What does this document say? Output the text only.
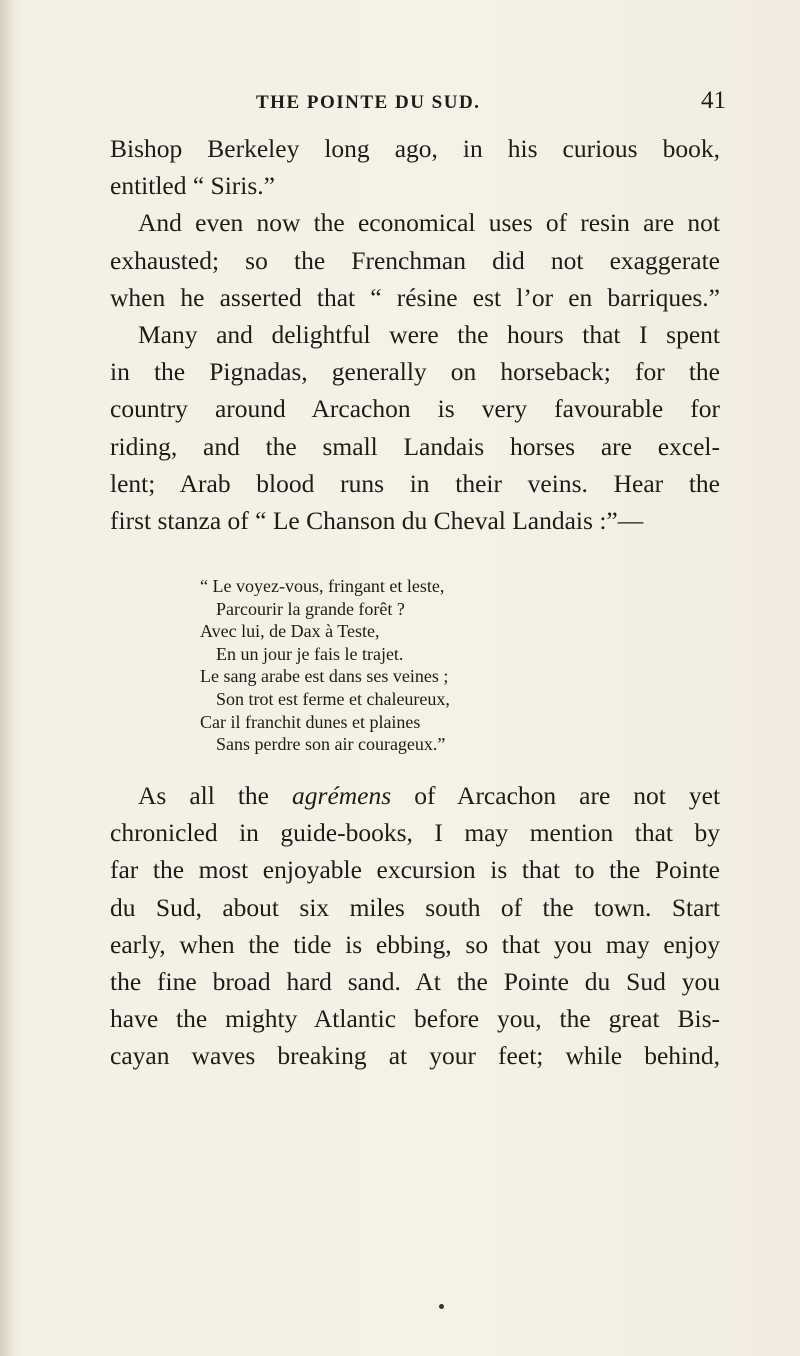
THE POINTE DU SUD.	41
Bishop Berkeley long ago, in his curious book,
entitled “ Siris.”
And even now the economical uses of resin are not
exhausted; so the Frenchman did not exaggerate
when he asserted that “ résine est l’or en barriques.”
Many and delightful were the hours that I spent
in the Pignadas, generally on horseback; for the
country around Arcachon is very favourable for
riding, and the small Landais horses are excel-
lent; Arab blood runs in their veins. Hear the
first stanza of “ Le Chanson du Cheval Landais :”—
“ Le voyez-vous, fringant et leste,
Parcourir la grande forêt ?
Avec lui, de Dax à Teste,
En un jour je fais le trajet.
Le sang arabe est dans ses veines ;
Son trot est ferme et chaleureux,
Car il franchit dunes et plaines
Sans perdre son air courageux.”
As all the agrémens of Arcachon are not yet
chronicled in guide-books, I may mention that by
far the most enjoyable excursion is that to the Pointe
du Sud, about six miles south of the town. Start
early, when the tide is ebbing, so that you may enjoy
the fine broad hard sand. At the Pointe du Sud you
have the mighty Atlantic before you, the great Bis-
cayan waves breaking at your feet; while behind,
